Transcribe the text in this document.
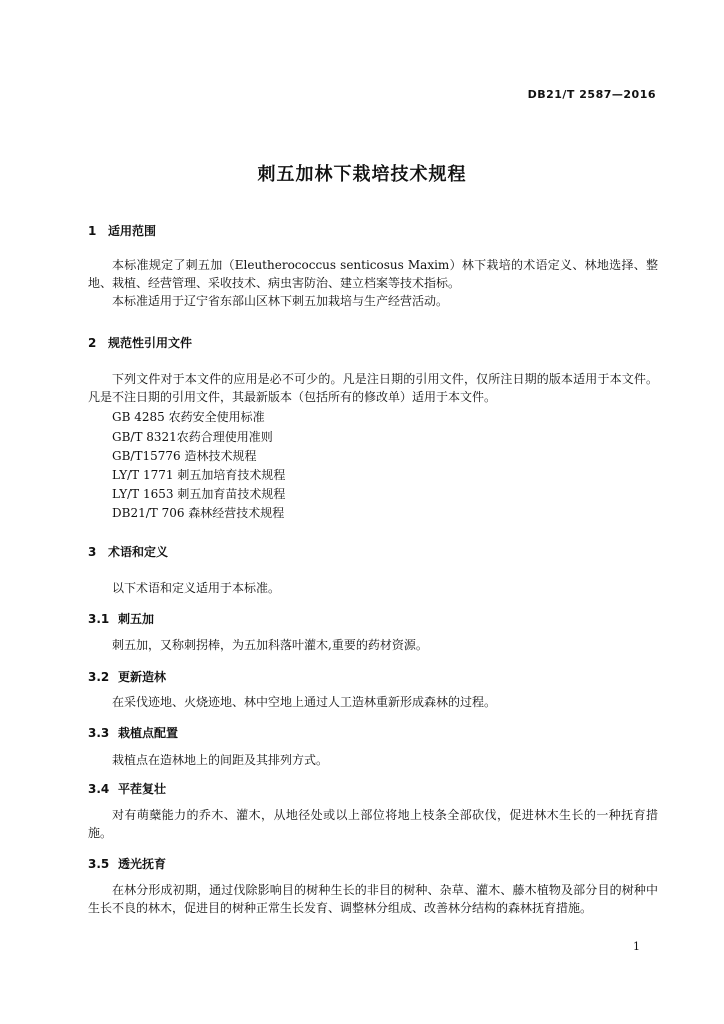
DB21/T 2587—2016
刺五加林下栽培技术规程
1 适用范围

本标准规定了刺五加（Eleutherococcus senticosus Maxim）林下栽培的术语定义、林地选择、整地、栽植、经营管理、采收技术、病虫害防治、建立档案等技术指标。

本标准适用于辽宁省东部山区林下刺五加栽培与生产经营活动。

2 规范性引用文件

下列文件对于本文件的应用是必不可少的。凡是注日期的引用文件，仅所注日期的版本适用于本文件。凡是不注日期的引用文件，其最新版本（包括所有的修改单）适用于本文件。

GB 4285 农药安全使用标准
GB/T 8321农药合理使用准则
GB/T15776 造林技术规程
LY/T 1771 刺五加培育技术规程
LY/T 1653 刺五加育苗技术规程
DB21/T 706 森林经营技术规程
3 术语和定义
以下术语和定义适用于本标准。
3.1 刺五加
刺五加，又称刺拐棒，为五加科落叶灌木,重要的药材资源。
3.2 更新造林
在采伐迹地、火烧迹地、林中空地上通过人工造林重新形成森林的过程。
3.3 栽植点配置
栽植点在造林地上的间距及其排列方式。
3.4 平茬复壮

对有萌蘖能力的乔木、灌木，从地径处或以上部位将地上枝条全部砍伐，促进林木生长的一种抚育措施。

3.5 透光抚育

在林分形成初期，通过伐除影响目的树种生长的非目的树种、杂草、灌木、藤木植物及部分目的树种中生长不良的林木，促进目的树种正常生长发育、调整林分组成、改善林分结构的森林抚育措施。

1
